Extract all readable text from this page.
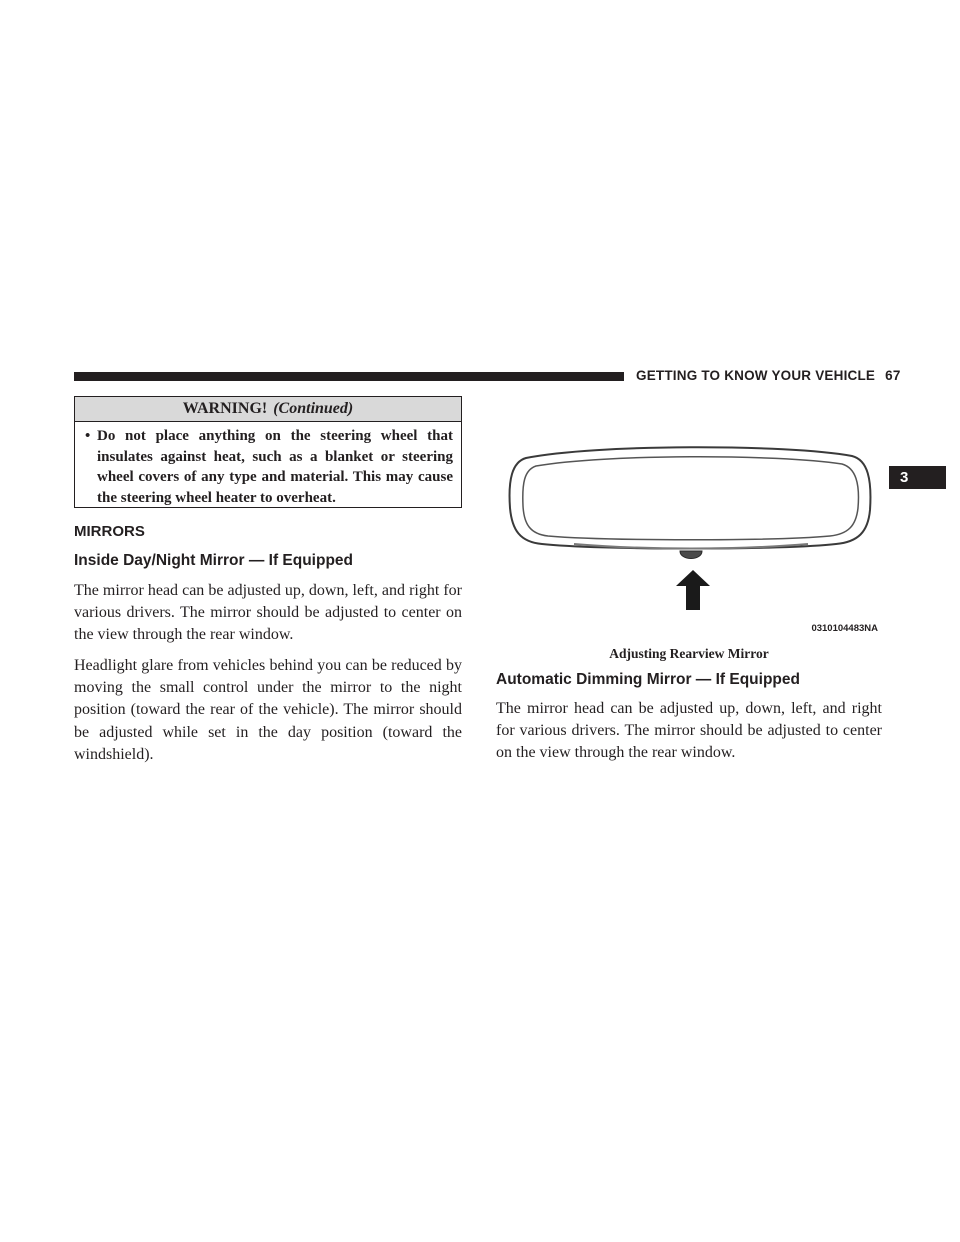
GETTING TO KNOW YOUR VEHICLE 67
3
WARNING! (Continued)
• Do not place anything on the steering wheel that insulates against heat, such as a blanket or steering wheel covers of any type and material. This may cause the steering wheel heater to overheat.
MIRRORS
Inside Day/Night Mirror — If Equipped
The mirror head can be adjusted up, down, left, and right for various drivers. The mirror should be adjusted to center on the view through the rear window.
Headlight glare from vehicles behind you can be reduced by moving the small control under the mirror to the night position (toward the rear of the vehicle). The mirror should be adjusted while set in the day position (toward the windshield).
0310104483NA
Adjusting Rearview Mirror
Automatic Dimming Mirror — If Equipped
The mirror head can be adjusted up, down, left, and right for various drivers. The mirror should be adjusted to center on the view through the rear window.
